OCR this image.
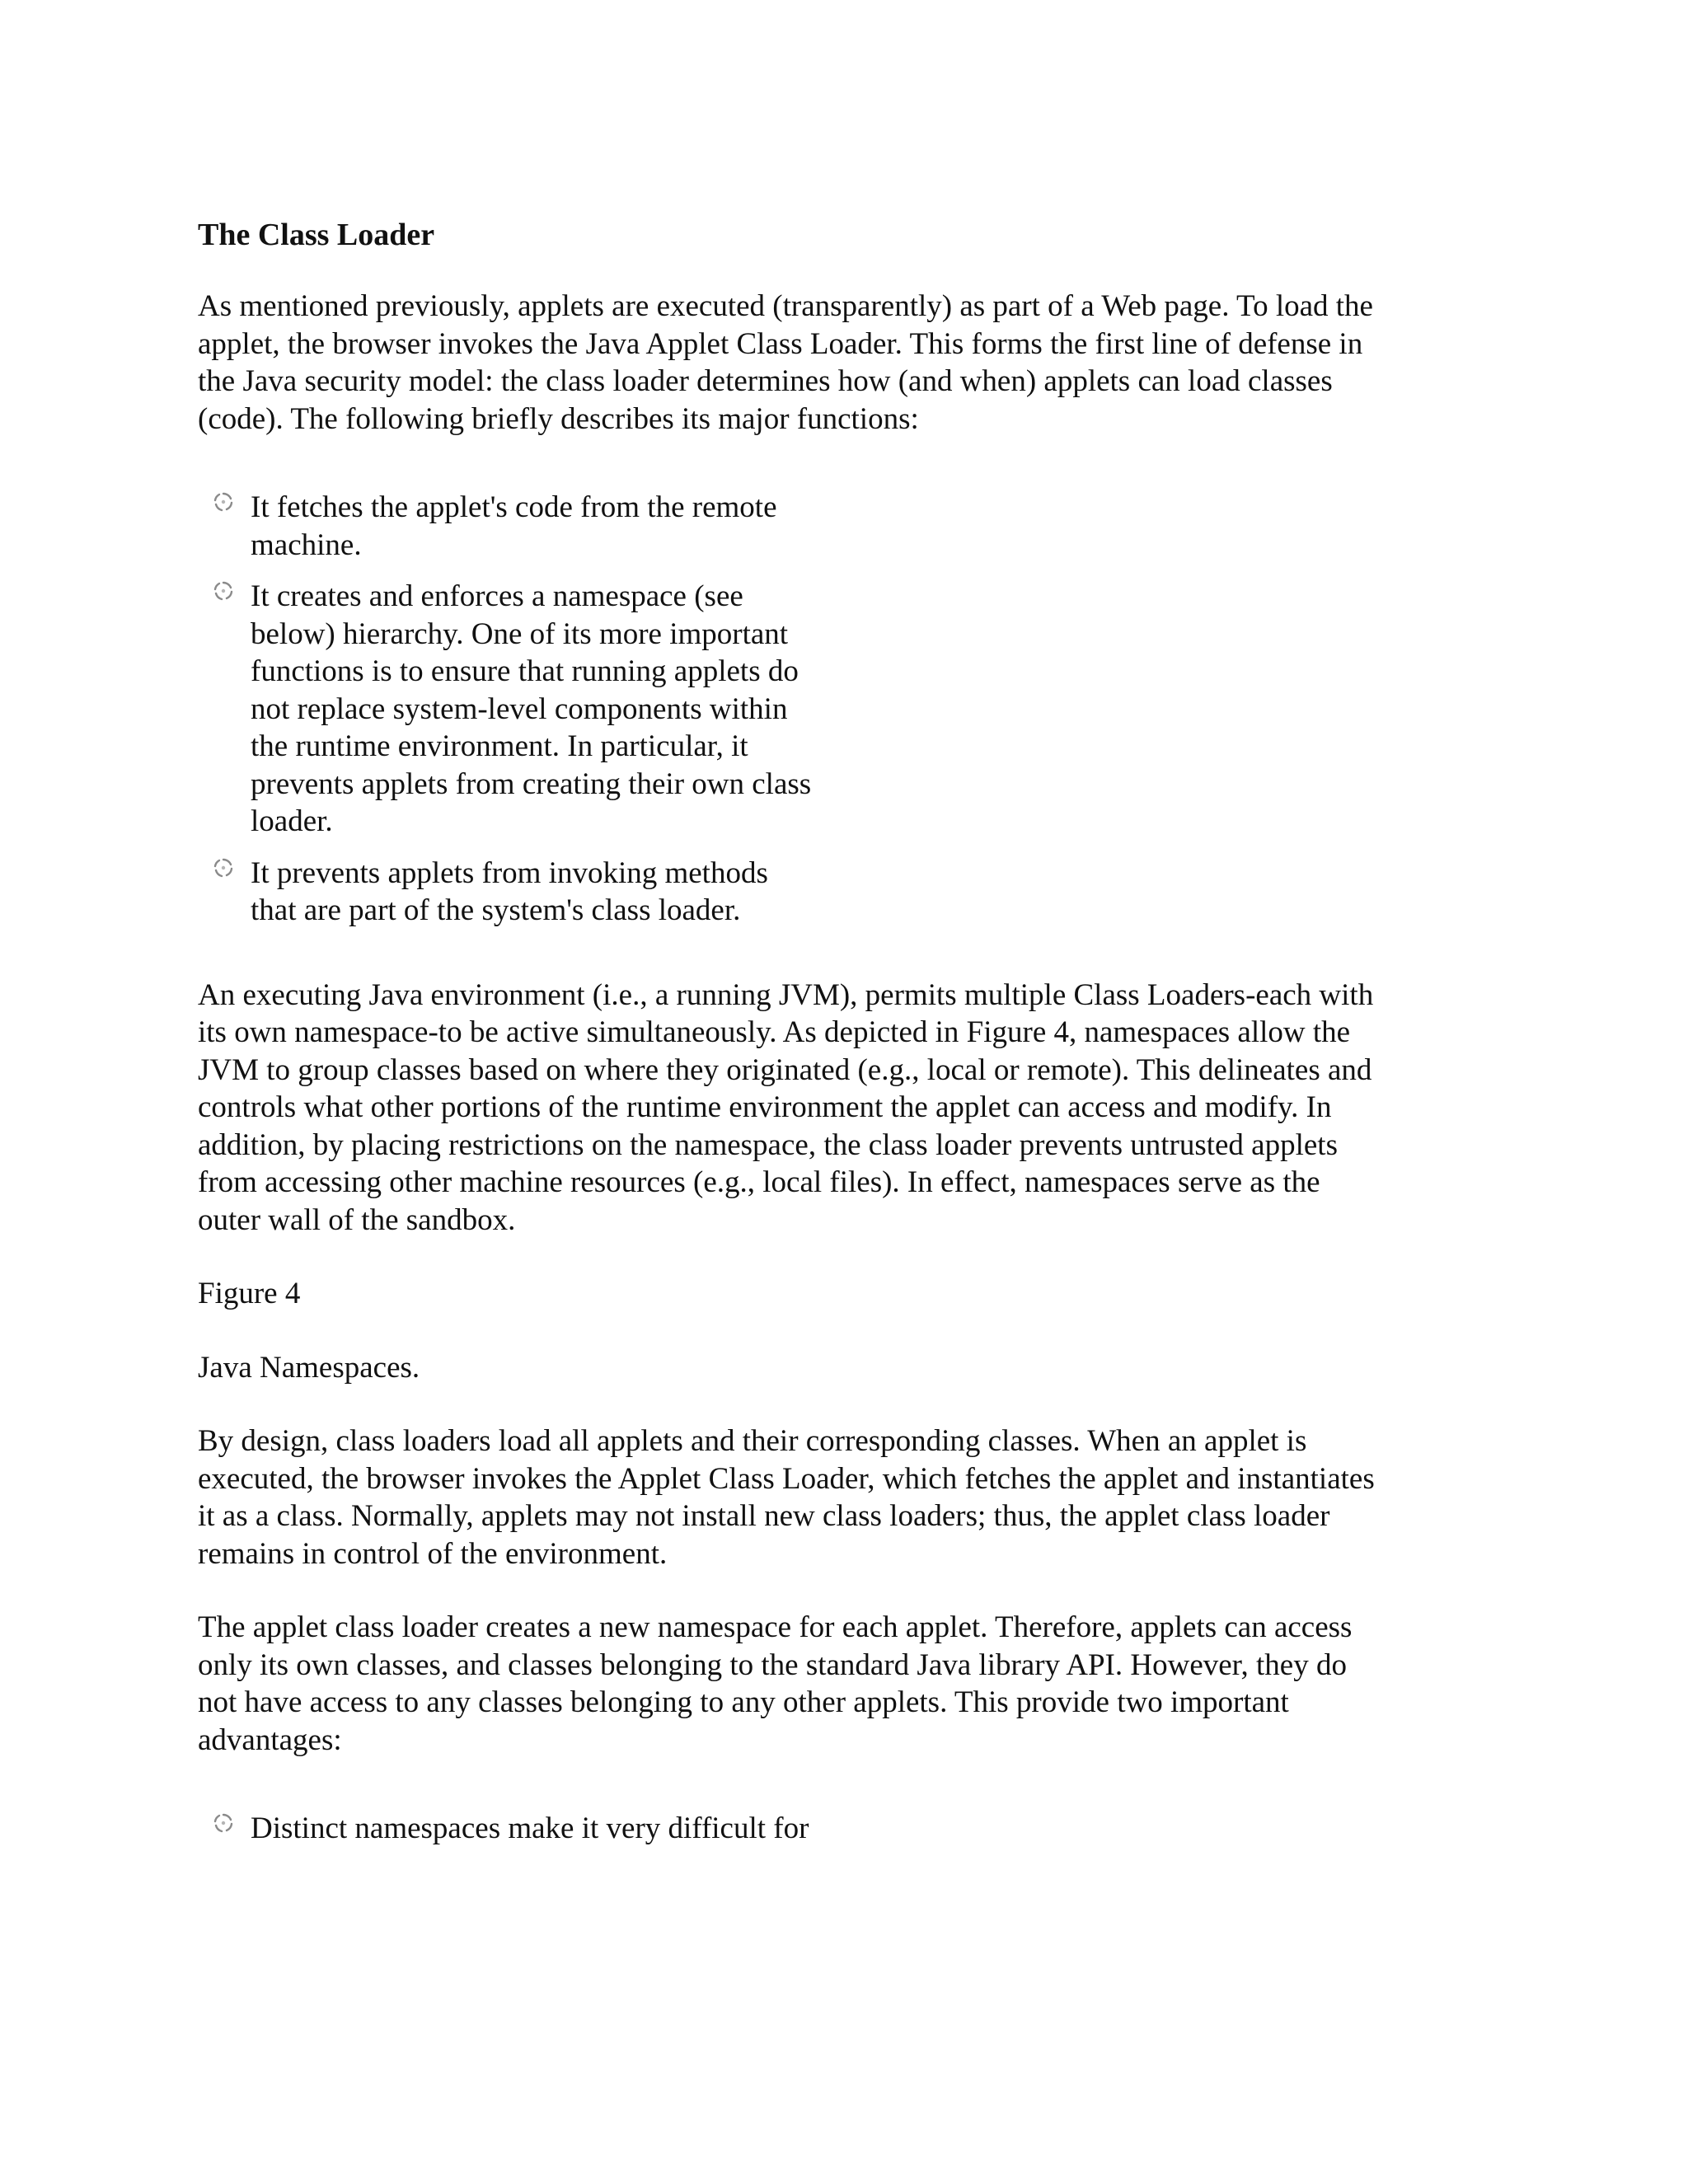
The Class Loader

As mentioned previously, applets are executed (transparently) as part of a Web page. To load the
applet, the browser invokes the Java Applet Class Loader. This forms the first line of defense in
the Java security model: the class loader determines how (and when) applets can load classes
(code). The following briefly describes its major functions:

It fetches the applet's code from the remote
machine.
It creates and enforces a namespace (see
below) hierarchy. One of its more important
functions is to ensure that running applets do
not replace system-level components within
the runtime environment. In particular, it
prevents applets from creating their own class
loader.
It prevents applets from invoking methods
that are part of the system's class loader.

An executing Java environment (i.e., a running JVM), permits multiple Class Loaders-each with
its own namespace-to be active simultaneously. As depicted in Figure 4, namespaces allow the
JVM to group classes based on where they originated (e.g., local or remote). This delineates and
controls what other portions of the runtime environment the applet can access and modify. In
addition, by placing restrictions on the namespace, the class loader prevents untrusted applets
from accessing other machine resources (e.g., local files). In effect, namespaces serve as the
outer wall of the sandbox.

Figure 4

Java Namespaces.

By design, class loaders load all applets and their corresponding classes. When an applet is
executed, the browser invokes the Applet Class Loader, which fetches the applet and instantiates
it as a class. Normally, applets may not install new class loaders; thus, the applet class loader
remains in control of the environment.

The applet class loader creates a new namespace for each applet. Therefore, applets can access
only its own classes, and classes belonging to the standard Java library API. However, they do
not have access to any classes belonging to any other applets. This provide two important
advantages:

Distinct namespaces make it very difficult for
